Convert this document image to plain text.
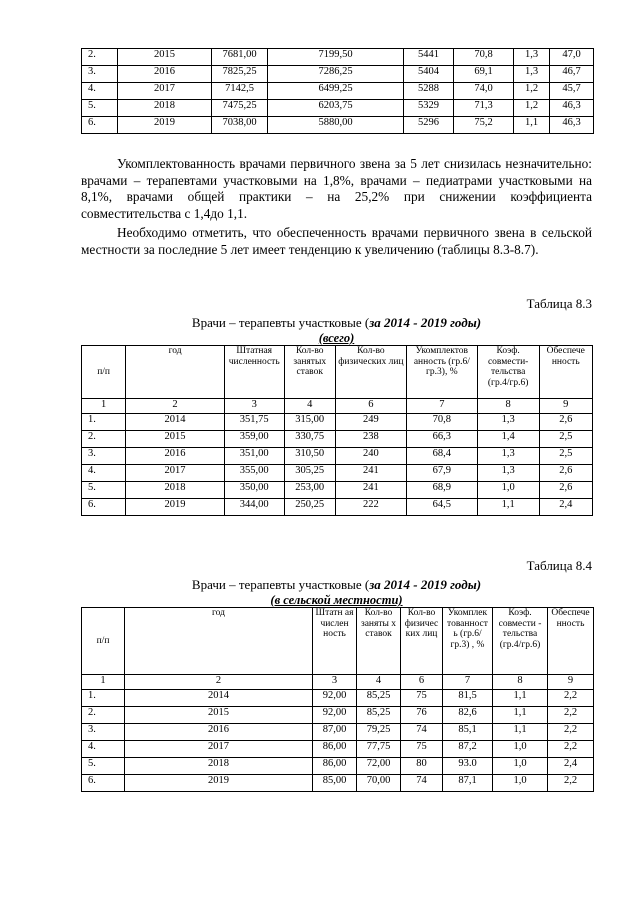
2.	2015	7681,00	7199,50	5441	70,8	1,3	47,0
3.	2016	7825,25	7286,25	5404	69,1	1,3	46,7
4.	2017	7142,5	6499,25	5288	74,0	1,2	45,7
5.	2018	7475,25	6203,75	5329	71,3	1,2	46,3
6.	2019	7038,00	5880,00	5296	75,2	1,1	46,3
Укомплектованность врачами первичного звена за 5 лет снизилась незначительно: врачами – терапевтами участковыми на 1,8%, врачами – педиатрами участковыми на 8,1%, врачами общей практики – на 25,2% при снижении коэффициента совместительства с 1,4до 1,1.
Необходимо отметить, что обеспеченность врачами первичного звена в сельской местности за последние 5 лет имеет тенденцию к увеличению (таблицы 8.3-8.7).
Таблица 8.3
Врачи – терапевты участковые (за 2014 - 2019 годы)
(всего)
п/п	год	Штатная численность	Кол-во занятых ставок	Кол-во физических лиц	Укомплектов анность (гр.6/гр.3), %	Коэф. совмести-тельства (гр.4/гр.6)	Обеспече нность
1	2	3	4	6	7	8	9
1.	2014	351,75	315,00	249	70,8	1,3	2,6
2.	2015	359,00	330,75	238	66,3	1,4	2,5
3.	2016	351,00	310,50	240	68,4	1,3	2,5
4.	2017	355,00	305,25	241	67,9	1,3	2,6
5.	2018	350,00	253,00	241	68,9	1,0	2,6
6.	2019	344,00	250,25	222	64,5	1,1	2,4
Таблица 8.4
Врачи – терапевты участковые (за 2014 - 2019 годы)
(в сельской местности)
п/п	год	Штатн ая числен ность	Кол-во заняты х ставок	Кол-во физичес ких лиц	Укомплек тованност ь (гр.6/гр.3) , %	Коэф. совмести - тельства (гр.4/гр.6)	Обеспече нность
1	2	3	4	6	7	8	9
1.	2014	92,00	85,25	75	81,5	1,1	2,2
2.	2015	92,00	85,25	76	82,6	1,1	2,2
3.	2016	87,00	79,25	74	85,1	1,1	2,2
4.	2017	86,00	77,75	75	87,2	1,0	2,2
5.	2018	86,00	72,00	80	93.0	1,0	2,4
6.	2019	85,00	70,00	74	87,1	1,0	2,2
